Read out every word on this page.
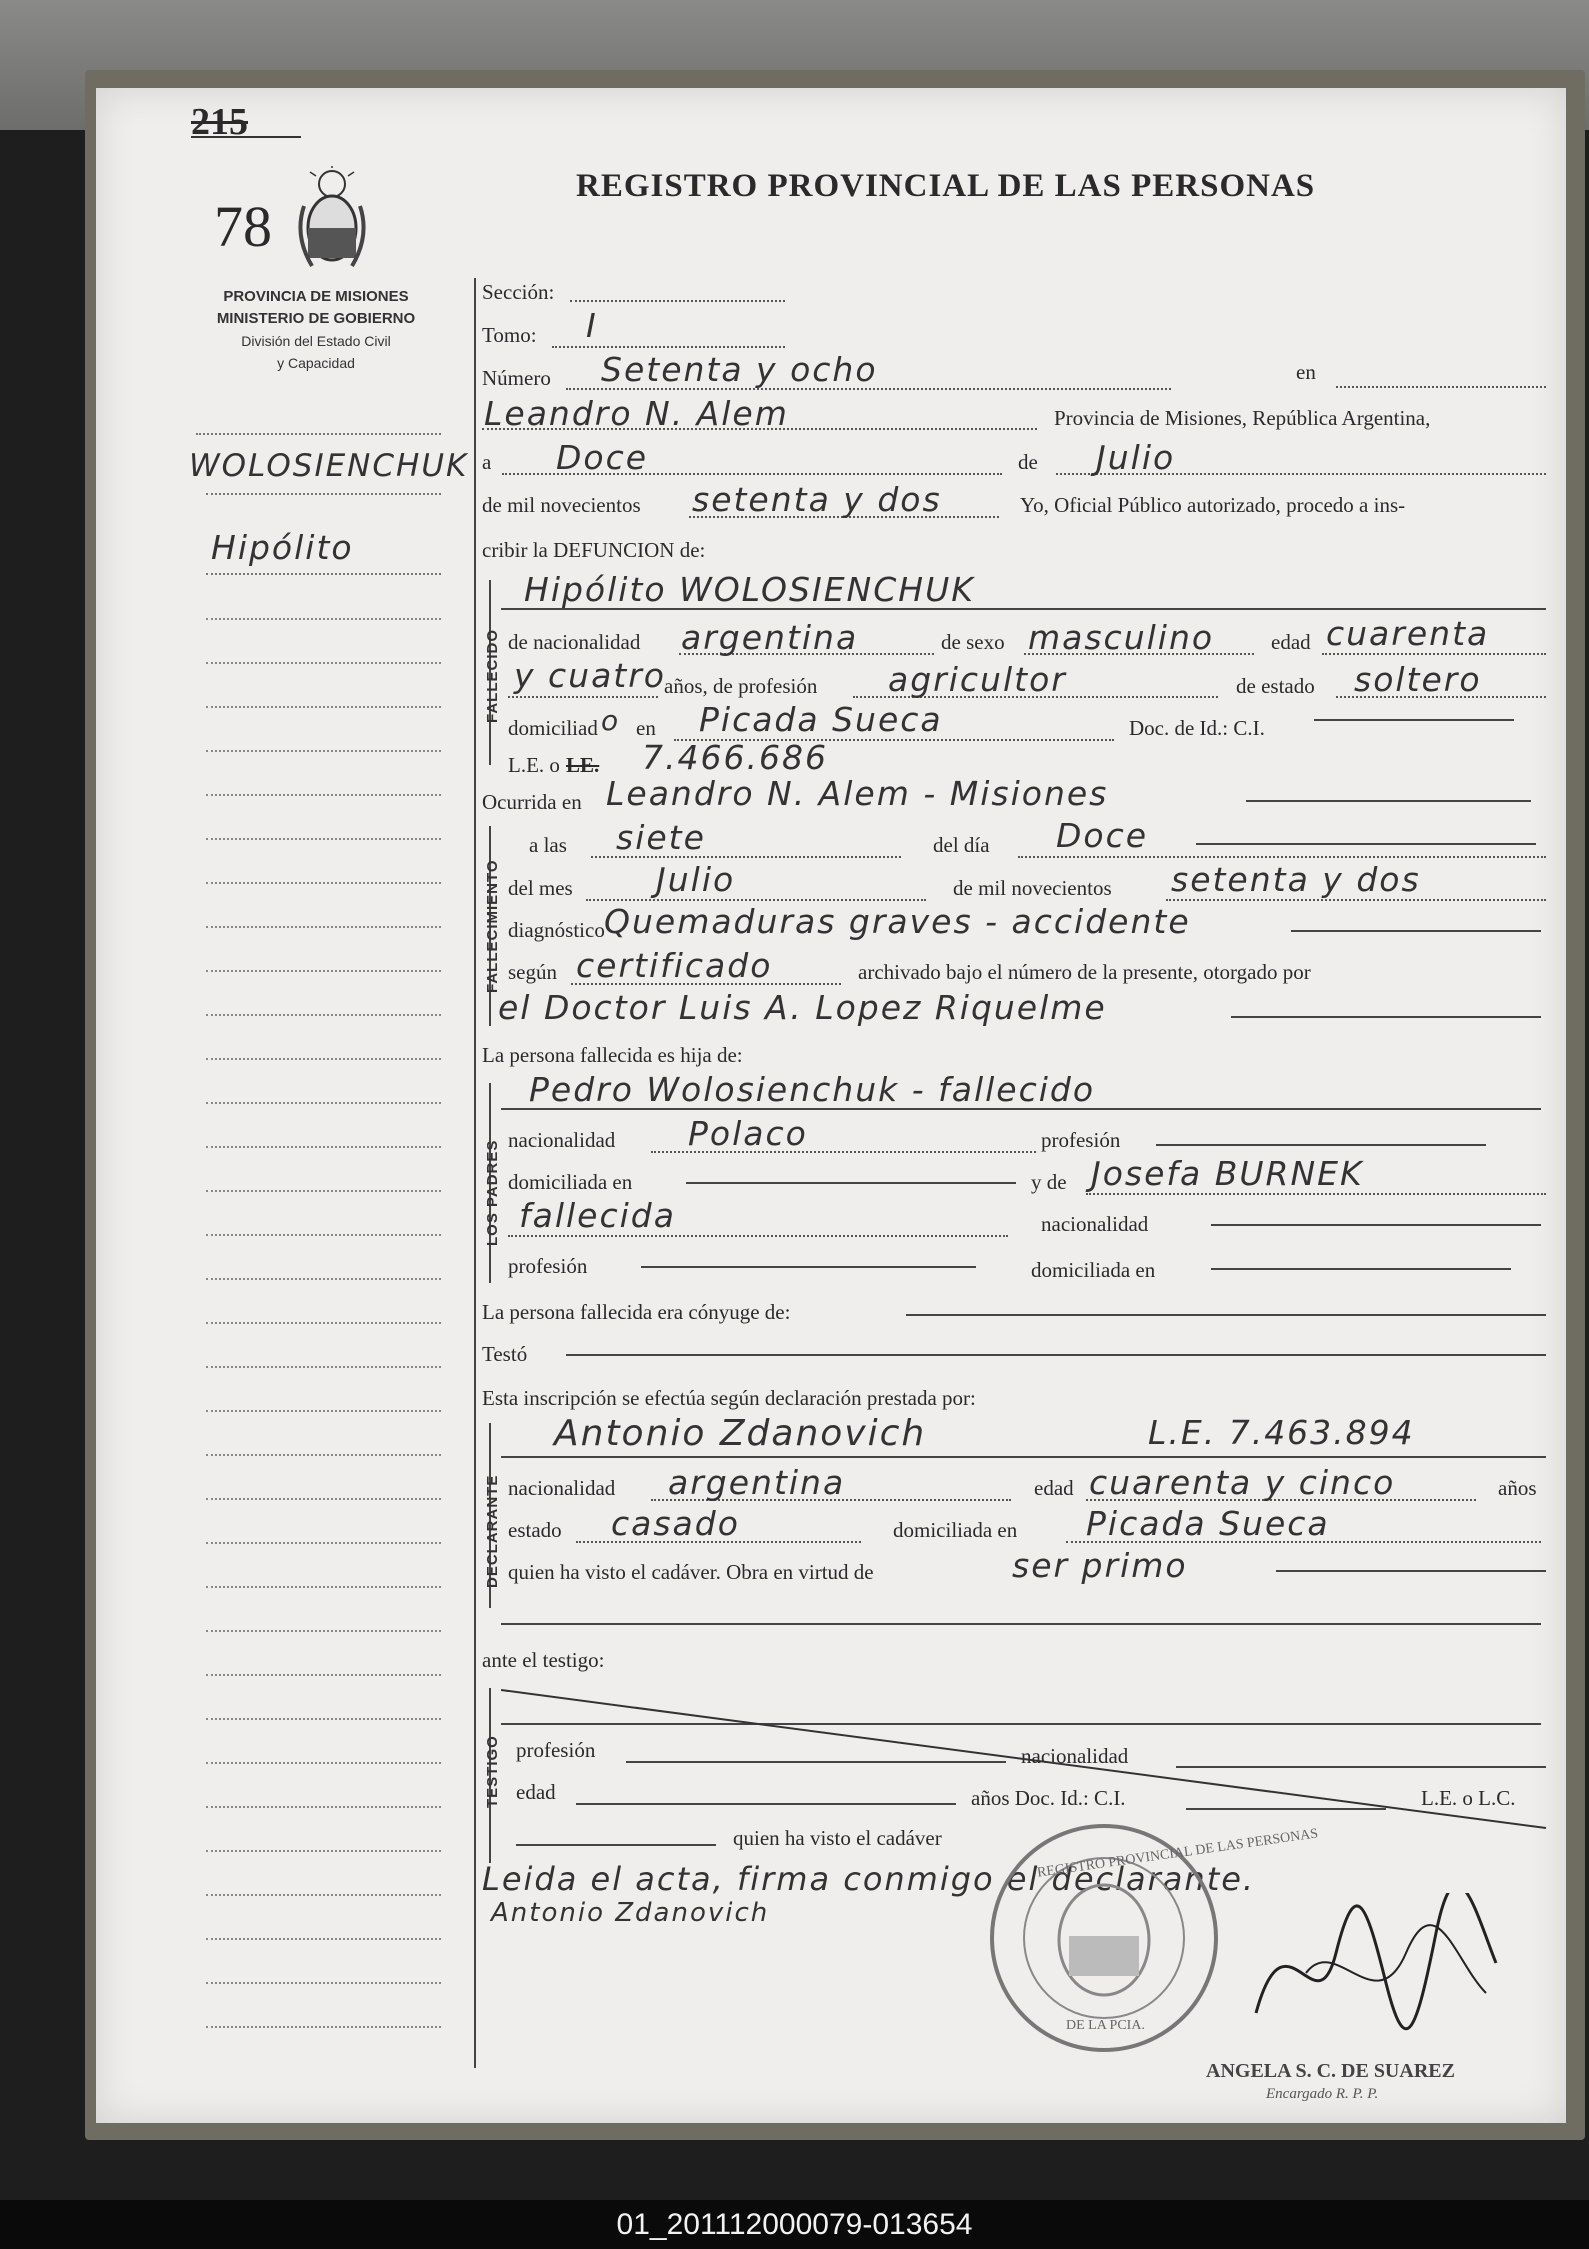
215
78
REGISTRO PROVINCIAL DE LAS PERSONAS
PROVINCIA DE MISIONES
MINISTERIO DE GOBIERNO
División del Estado Civil
y Capacidad
WOLOSIENCHUK
Hipólito
Sección:
Tomo: I
Número Setenta y ocho	en
Leandro N. Alem	Provincia de Misiones, República Argentina,
a Doce	de Julio
de mil novecientos setenta y dos	Yo, Oficial Público autorizado, procedo a ins-
cribir la DEFUNCION de:
FALLECIDO
Hipólito WOLOSIENCHUK
de nacionalidad argentina	de sexo masculino	edad cuarenta
y cuatro
años, de profesión agricultor	de estado soltero
domiciliad o en Picada Sueca	Doc. de Id.: C.I.
L.E. o LE. 7.466.686
Ocurrida en Leandro N. Alem - Misiones
FALLECIMIENTO
a las siete	del día Doce
del mes	Julio	de mil novecientos setenta y dos
diagnóstico Quemaduras graves - accidente
según certificado	archivado bajo el número de la presente, otorgado por
el Doctor Luis A. Lopez Riquelme
La persona fallecida es hija de:
LOS PADRES
Pedro Wolosienchuk - fallecido
nacionalidad Polaco	profesión
domiciliada en	y de Josefa BURNEK
fallecida	nacionalidad
profesión	domiciliada en
La persona fallecida era cónyuge de:
Testó
Esta inscripción se efectúa según declaración prestada por:
DECLARANTE
Antonio Zdanovich	L.E. 7.463.894
nacionalidad argentina	edad cuarenta y cinco	años
estado casado	domiciliada en Picada Sueca
quien ha visto el cadáver. Obra en virtud de	ser primo
ante el testigo:
TESTIGO profesión	nacionalidad
edad	años Doc. Id.: C.I.	L.E. o L.C.
quien ha visto el cadáver
Leida el acta, firma conmigo el declarante.
Antonio Zdanovich
REGISTRO PROVINCIAL DE LAS PERSONAS
DE LA PCIA.
ANGELA S. C. DE SUAREZ
Encargado R. P. P.
01_201112000079-013654
